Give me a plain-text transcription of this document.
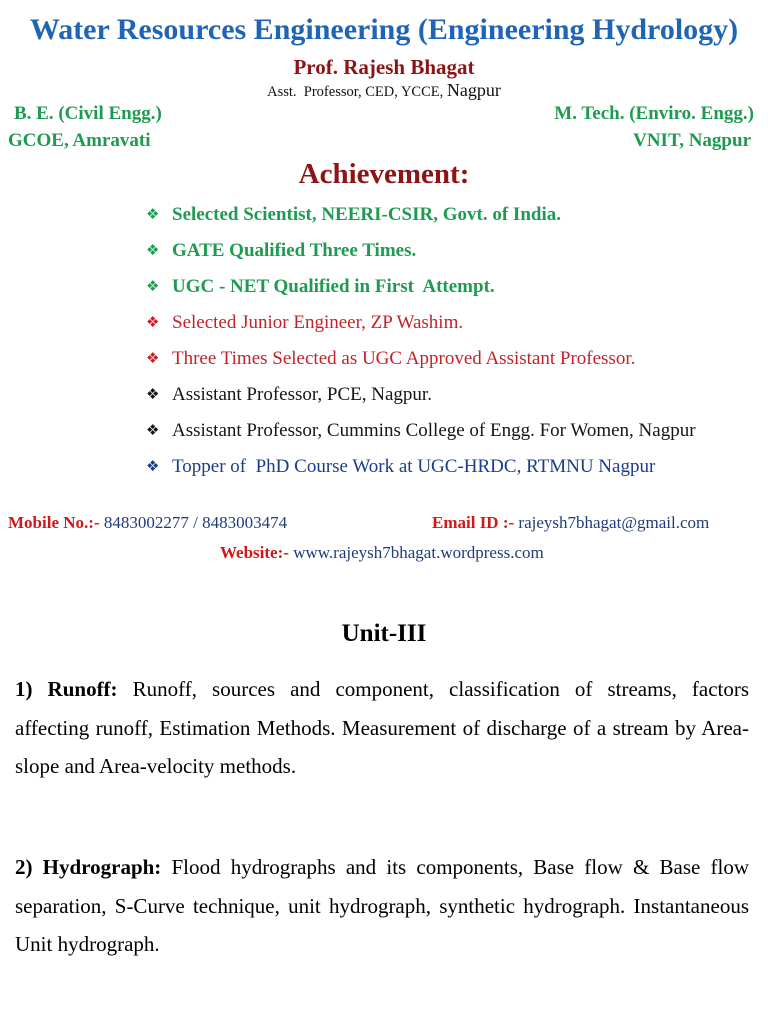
Water Resources Engineering (Engineering Hydrology)
Prof. Rajesh Bhagat
Asst.  Professor, CED, YCCE, Nagpur
B. E. (Civil Engg.)
GCOE, Amravati
M. Tech. (Enviro. Engg.)
VNIT, Nagpur
Achievement:
❖ Selected Scientist, NEERI-CSIR, Govt. of India.
❖ GATE Qualified Three Times.
❖ UGC - NET Qualified in First  Attempt.
❖ Selected Junior Engineer, ZP Washim.
❖ Three Times Selected as UGC Approved Assistant Professor.
❖ Assistant Professor, PCE, Nagpur.
❖ Assistant Professor, Cummins College of Engg. For Women, Nagpur
❖ Topper of  PhD Course Work at UGC-HRDC, RTMNU Nagpur
Mobile No.:- 8483002277 / 8483003474	Email ID :- rajeysh7bhagat@gmail.com
Website:- www.rajeysh7bhagat.wordpress.com
Unit-III
1) Runoff: Runoff, sources and component, classification of streams, factors
affecting runoff, Estimation Methods. Measurement of discharge of a stream by Area-
slope and Area-velocity methods.
2) Hydrograph: Flood hydrographs and its components, Base flow & Base flow
separation, S-Curve technique, unit hydrograph, synthetic hydrograph. Instantaneous
Unit hydrograph.
